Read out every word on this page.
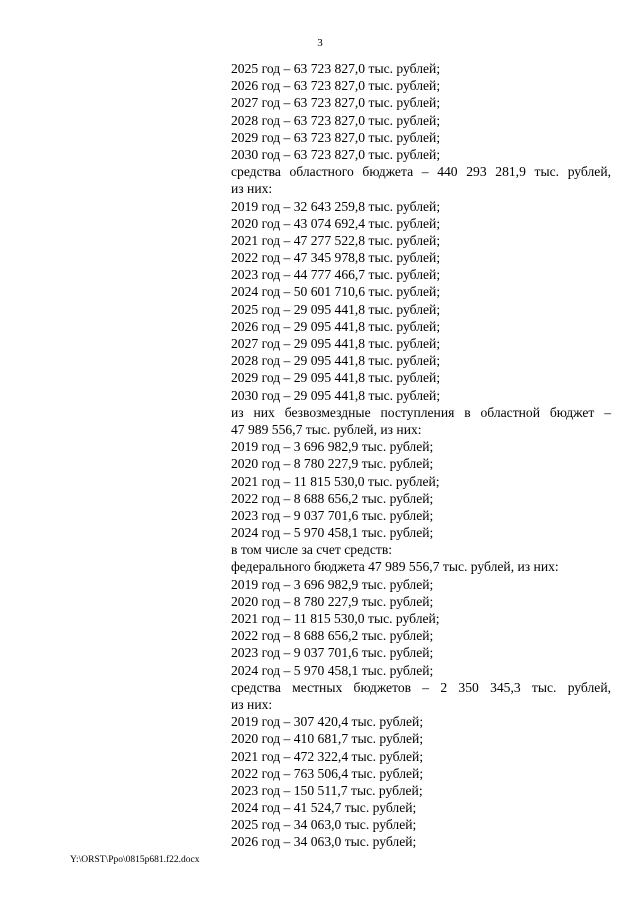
3
2025 год – 63 723 827,0 тыс. рублей;
2026 год – 63 723 827,0 тыс. рублей;
2027 год – 63 723 827,0 тыс. рублей;
2028 год – 63 723 827,0 тыс. рублей;
2029 год – 63 723 827,0 тыс. рублей;
2030 год – 63 723 827,0 тыс. рублей;
средства областного бюджета – 440 293 281,9 тыс. рублей,
из них:
2019 год – 32 643 259,8 тыс. рублей;
2020 год – 43 074 692,4 тыс. рублей;
2021 год – 47 277 522,8 тыс. рублей;
2022 год – 47 345 978,8 тыс. рублей;
2023 год – 44 777 466,7 тыс. рублей;
2024 год – 50 601 710,6 тыс. рублей;
2025 год – 29 095 441,8 тыс. рублей;
2026 год – 29 095 441,8 тыс. рублей;
2027 год – 29 095 441,8 тыс. рублей;
2028 год – 29 095 441,8 тыс. рублей;
2029 год – 29 095 441,8 тыс. рублей;
2030 год – 29 095 441,8 тыс. рублей;
из них безвозмездные поступления в областной бюджет –
47 989 556,7 тыс. рублей, из них:
2019 год – 3 696 982,9 тыс. рублей;
2020 год – 8 780 227,9 тыс. рублей;
2021 год – 11 815 530,0 тыс. рублей;
2022 год – 8 688 656,2 тыс. рублей;
2023 год – 9 037 701,6 тыс. рублей;
2024 год – 5 970 458,1 тыс. рублей;
в том числе за счет средств:
федерального бюджета 47 989 556,7 тыс. рублей, из них:
2019 год – 3 696 982,9 тыс. рублей;
2020 год – 8 780 227,9 тыс. рублей;
2021 год – 11 815 530,0 тыс. рублей;
2022 год – 8 688 656,2 тыс. рублей;
2023 год – 9 037 701,6 тыс. рублей;
2024 год – 5 970 458,1 тыс. рублей;
средства местных бюджетов – 2 350 345,3 тыс. рублей,
из них:
2019 год – 307 420,4 тыс. рублей;
2020 год – 410 681,7 тыс. рублей;
2021 год – 472 322,4 тыс. рублей;
2022 год – 763 506,4 тыс. рублей;
2023 год – 150 511,7 тыс. рублей;
2024 год – 41 524,7 тыс. рублей;
2025 год – 34 063,0 тыс. рублей;
2026 год – 34 063,0 тыс. рублей;
Y:\ORST\Ppo\0815p681.f22.docx
